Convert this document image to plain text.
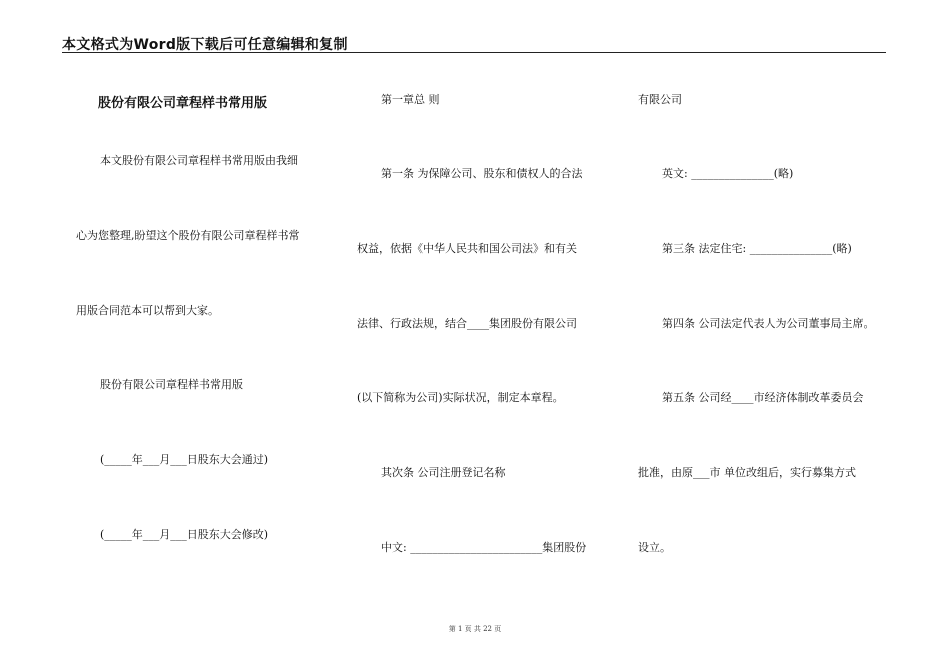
本文格式为Word版下载后可任意编辑和复制
股份有限公司章程样书常用版
本文股份有限公司章程样书常用版由我细
心为您整理,盼望这个股份有限公司章程样书常
用版合同范本可以帮到大家。
股份有限公司章程样书常用版
(_____年___月___日股东大会通过)
(_____年___月___日股东大会修改)
第一章总 则
第一条 为保障公司、股东和债权人的合法
权益，依据《中华人民共和国公司法》和有关
法律、行政法规，结合____集团股份有限公司
(以下简称为公司)实际状况，制定本章程。
其次条 公司注册登记名称
中文: ________________________集团股份
有限公司
英文: _______________(略)
第三条 法定住宅: _______________(略)
第四条 公司法定代表人为公司董事局主席。
第五条 公司经____市经济体制改革委员会
批准，由原___市 单位改组后，实行募集方式
设立。
第 1 页 共 22 页
